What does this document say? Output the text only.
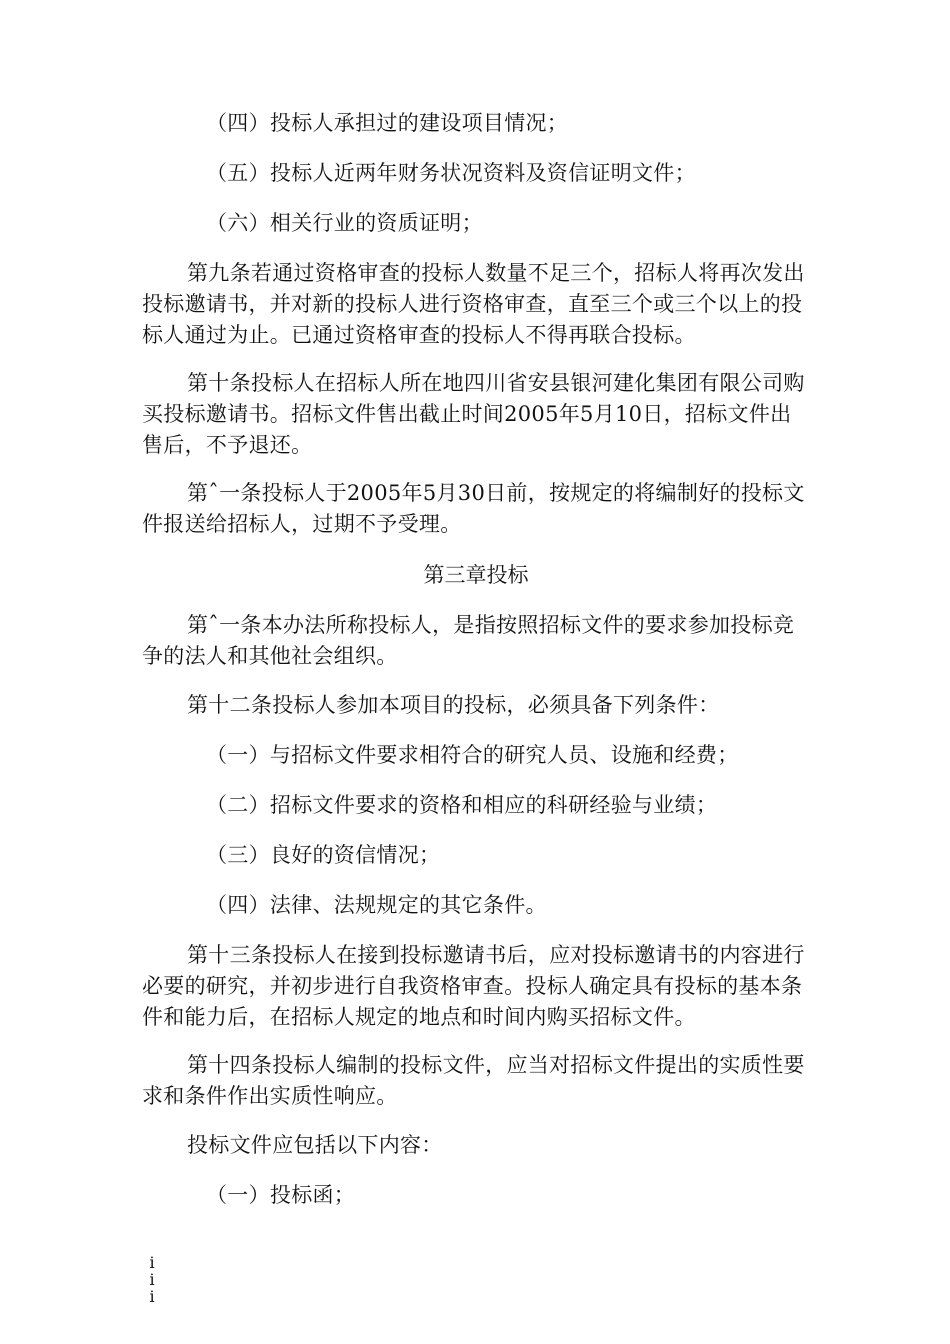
（四）投标人承担过的建设项目情况；

（五）投标人近两年财务状况资料及资信证明文件；

（六）相关行业的资质证明；

第九条若通过资格审查的投标人数量不足三个，招标人将再次发出投标邀请书，并对新的投标人进行资格审查，直至三个或三个以上的投标人通过为止。已通过资格审查的投标人不得再联合投标。

第十条投标人在招标人所在地四川省安县银河建化集团有限公司购买投标邀请书。招标文件售出截止时间2005年5月10日，招标文件出售后，不予退还。

第ˆ一条投标人于2005年5月30日前，按规定的将编制好的投标文件报送给招标人，过期不予受理。

第三章投标

第ˆ一条本办法所称投标人，是指按照招标文件的要求参加投标竞争的法人和其他社会组织。

第十二条投标人参加本项目的投标，必须具备下列条件：

（一）与招标文件要求相符合的研究人员、设施和经费；

（二）招标文件要求的资格和相应的科研经验与业绩；

（三）良好的资信情况；

（四）法律、法规规定的其它条件。

第十三条投标人在接到投标邀请书后，应对投标邀请书的内容进行必要的研究，并初步进行自我资格审查。投标人确定具有投标的基本条件和能力后，在招标人规定的地点和时间内购买招标文件。

第十四条投标人编制的投标文件，应当对招标文件提出的实质性要求和条件作出实质性响应。

投标文件应包括以下内容：

（一）投标函；

i
i
i
